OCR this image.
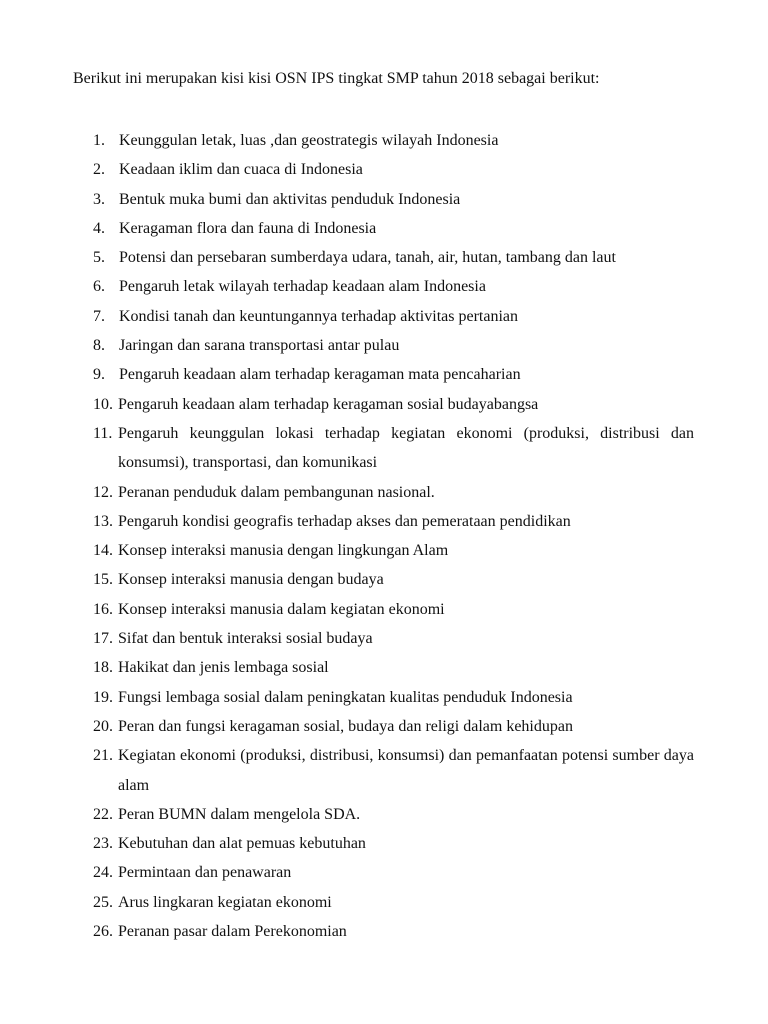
Berikut ini merupakan kisi kisi OSN IPS tingkat SMP tahun 2018 sebagai berikut:
1. Keunggulan letak, luas ,dan geostrategis wilayah Indonesia
2. Keadaan iklim dan cuaca di Indonesia
3. Bentuk muka bumi dan aktivitas penduduk Indonesia
4. Keragaman flora dan fauna di Indonesia
5. Potensi dan persebaran sumberdaya udara, tanah, air, hutan, tambang dan laut
6. Pengaruh letak wilayah terhadap keadaan alam Indonesia
7. Kondisi tanah dan keuntungannya terhadap aktivitas pertanian
8. Jaringan dan sarana transportasi antar pulau
9. Pengaruh keadaan alam terhadap keragaman mata pencaharian
10. Pengaruh keadaan alam terhadap keragaman sosial budayabangsa
11. Pengaruh keunggulan lokasi terhadap kegiatan ekonomi (produksi, distribusi dan konsumsi), transportasi, dan komunikasi
12. Peranan penduduk dalam pembangunan nasional.
13. Pengaruh kondisi geografis terhadap akses dan pemerataan pendidikan
14. Konsep interaksi manusia dengan lingkungan Alam
15. Konsep interaksi manusia dengan budaya
16. Konsep interaksi manusia dalam kegiatan ekonomi
17. Sifat dan bentuk interaksi sosial budaya
18. Hakikat dan jenis lembaga sosial
19. Fungsi lembaga sosial dalam peningkatan kualitas penduduk Indonesia
20. Peran dan fungsi keragaman sosial, budaya dan religi dalam kehidupan
21. Kegiatan ekonomi (produksi, distribusi, konsumsi) dan pemanfaatan potensi sumber daya alam
22. Peran BUMN dalam mengelola SDA.
23. Kebutuhan dan alat pemuas kebutuhan
24. Permintaan dan penawaran
25. Arus lingkaran kegiatan ekonomi
26. Peranan pasar dalam Perekonomian
